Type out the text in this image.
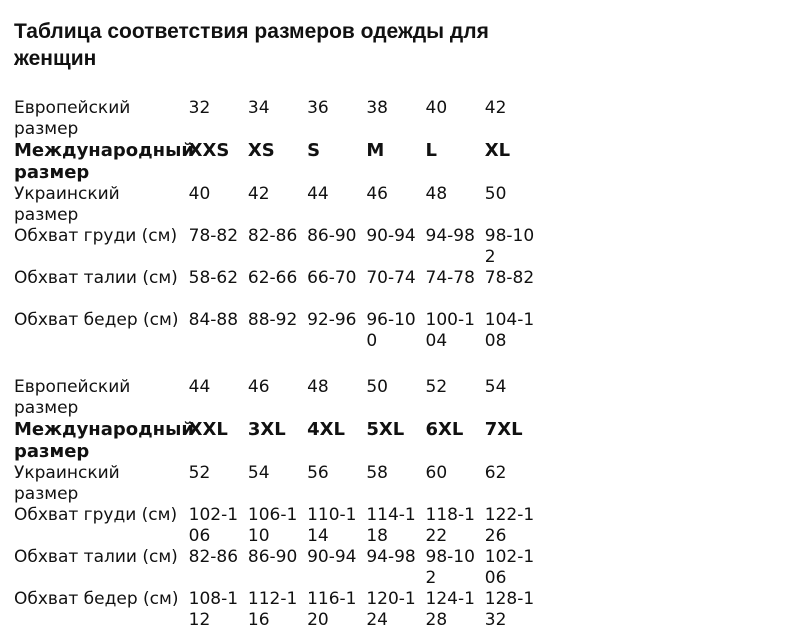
Таблица соответствия размеров одежды для женщин
Европейский размер	32	34	36	38	40	42
Международный размер	XXS	XS	S	M	L	XL
Украинский размер	40	42	44	46	48	50
Обхват груди (см)	78-82	82-86	86-90	90-94	94-98	98-102
Обхват талии (см)	58-62	62-66	66-70	70-74	74-78	78-82
Обхват бедер (см)	84-88	88-92	92-96	96-100	100-104	104-108
Европейский размер	44	46	48	50	52	54
Международный размер	XXL	3XL	4XL	5XL	6XL	7XL
Украинский размер	52	54	56	58	60	62
Обхват груди (см)	102-106	106-110	110-114	114-118	118-122	122-126
Обхват талии (см)	82-86	86-90	90-94	94-98	98-102	102-106
Обхват бедер (см)	108-112	112-116	116-120	120-124	124-128	128-132
